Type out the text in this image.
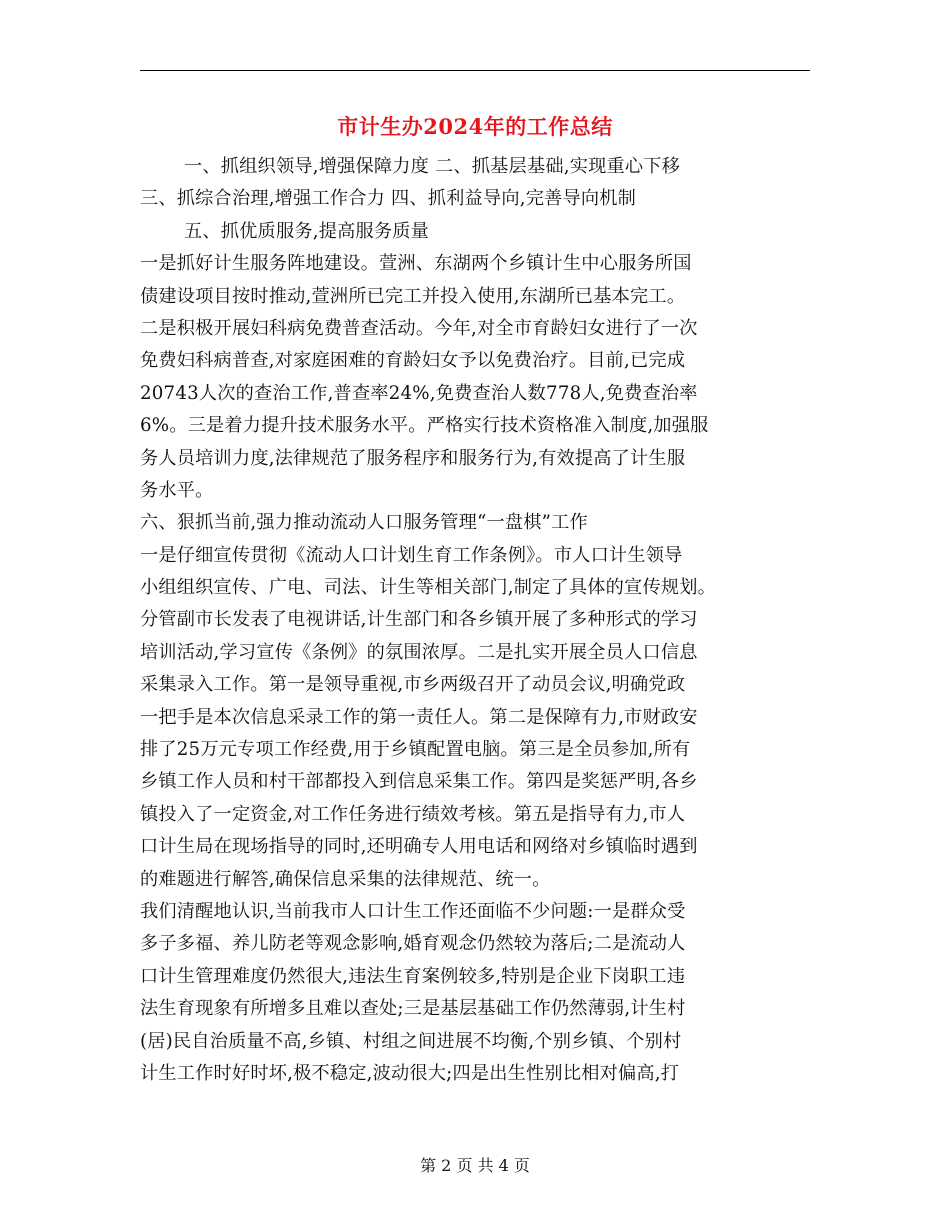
市计生办2024年的工作总结
一、抓组织领导,增强保障力度 二、抓基层基础,实现重心下移
三、抓综合治理,增强工作合力 四、抓利益导向,完善导向机制
五、抓优质服务,提高服务质量
一是抓好计生服务阵地建设。萱洲、东湖两个乡镇计生中心服务所国
债建设项目按时推动,萱洲所已完工并投入使用,东湖所已基本完工。
二是积极开展妇科病免费普查活动。今年,对全市育龄妇女进行了一次
免费妇科病普查,对家庭困难的育龄妇女予以免费治疗。目前,已完成
20743人次的查治工作,普查率24%,免费查治人数778人,免费查治率
6%。三是着力提升技术服务水平。严格实行技术资格准入制度,加强服
务人员培训力度,法律规范了服务程序和服务行为,有效提高了计生服
务水平。
六、狠抓当前,强力推动流动人口服务管理“一盘棋”工作
一是仔细宣传贯彻《流动人口计划生育工作条例》。市人口计生领导
小组组织宣传、广电、司法、计生等相关部门,制定了具体的宣传规划。
分管副市长发表了电视讲话,计生部门和各乡镇开展了多种形式的学习
培训活动,学习宣传《条例》的氛围浓厚。二是扎实开展全员人口信息
采集录入工作。第一是领导重视,市乡两级召开了动员会议,明确党政
一把手是本次信息采录工作的第一责任人。第二是保障有力,市财政安
排了25万元专项工作经费,用于乡镇配置电脑。第三是全员参加,所有
乡镇工作人员和村干部都投入到信息采集工作。第四是奖惩严明,各乡
镇投入了一定资金,对工作任务进行绩效考核。第五是指导有力,市人
口计生局在现场指导的同时,还明确专人用电话和网络对乡镇临时遇到
的难题进行解答,确保信息采集的法律规范、统一。
我们清醒地认识,当前我市人口计生工作还面临不少问题:一是群众受
多子多福、养儿防老等观念影响,婚育观念仍然较为落后;二是流动人
口计生管理难度仍然很大,违法生育案例较多,特别是企业下岗职工违
法生育现象有所增多且难以查处;三是基层基础工作仍然薄弱,计生村
(居)民自治质量不高,乡镇、村组之间进展不均衡,个别乡镇、个别村
计生工作时好时坏,极不稳定,波动很大;四是出生性别比相对偏高,打
第 2 页 共 4 页
